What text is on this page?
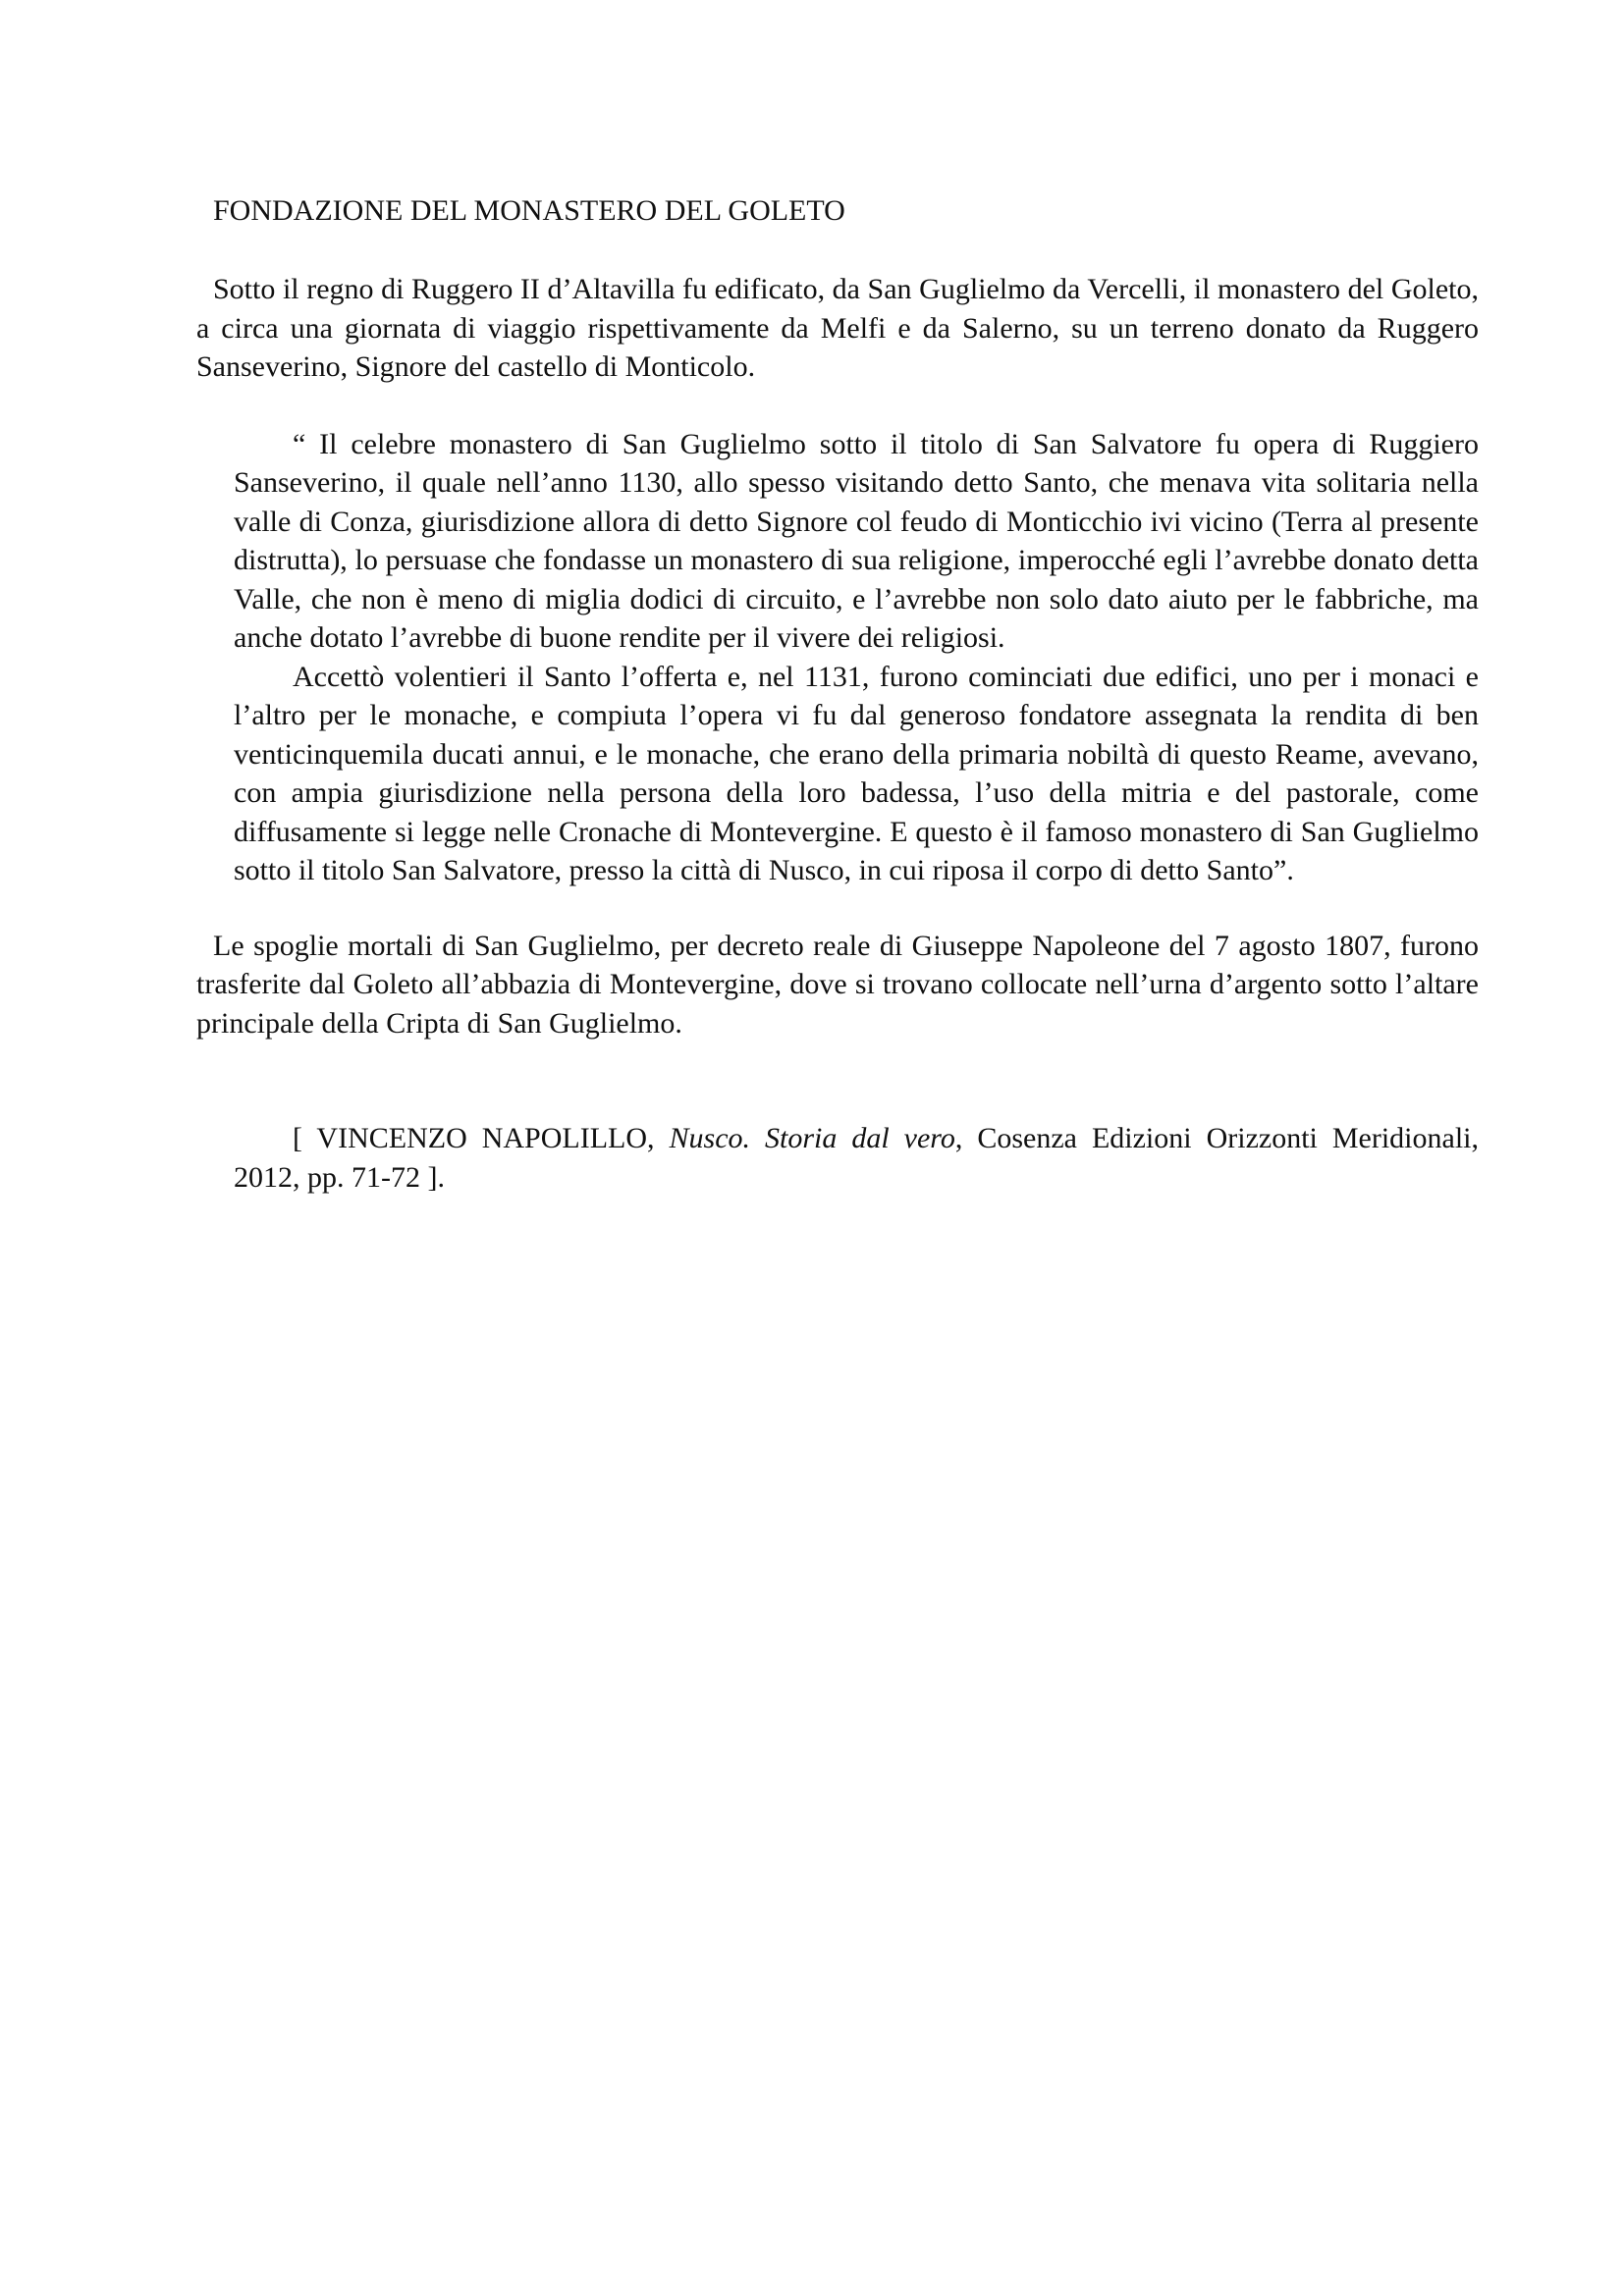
FONDAZIONE DEL MONASTERO DEL GOLETO

Sotto il regno di Ruggero II d’Altavilla fu edificato, da San Guglielmo da Vercelli, il monastero del Goleto, a circa una giornata di viaggio rispettivamente da Melfi e da Salerno, su un terreno donato da Ruggero Sanseverino, Signore del castello di Monticolo.

“ Il celebre monastero di San Guglielmo sotto il titolo di San Salvatore fu opera di Ruggiero Sanseverino, il quale nell’anno 1130, allo spesso visitando detto Santo, che menava vita solitaria nella valle di Conza, giurisdizione allora di detto Signore col feudo di Monticchio ivi vicino (Terra al presente distrutta), lo persuase che fondasse un monastero di sua religione, imperocché egli l’avrebbe donato detta Valle, che non è meno di miglia dodici di circuito, e l’avrebbe non solo dato aiuto per le fabbriche, ma anche dotato l’avrebbe di buone rendite per il vivere dei religiosi.

Accettò volentieri il Santo l’offerta e, nel 1131, furono cominciati due edifici, uno per i monaci e l’altro per le monache, e compiuta l’opera vi fu dal generoso fondatore assegnata la rendita di ben venticinquemila ducati annui, e le monache, che erano della primaria nobiltà di questo Reame, avevano, con ampia giurisdizione nella persona della loro badessa, l’uso della mitria e del pastorale, come diffusamente si legge nelle Cronache di Montevergine. E questo è il famoso monastero di San Guglielmo sotto il titolo San Salvatore, presso la città di Nusco, in cui riposa il corpo di detto Santo”.

Le spoglie mortali di San Guglielmo, per decreto reale di Giuseppe Napoleone del 7 agosto 1807, furono trasferite dal Goleto all’abbazia di Montevergine, dove si trovano collocate nell’urna d’argento sotto l’altare principale della Cripta di San Guglielmo.

[ VINCENZO NAPOLILLO, Nusco. Storia dal vero, Cosenza Edizioni Orizzonti Meridionali, 2012, pp. 71-72 ].
